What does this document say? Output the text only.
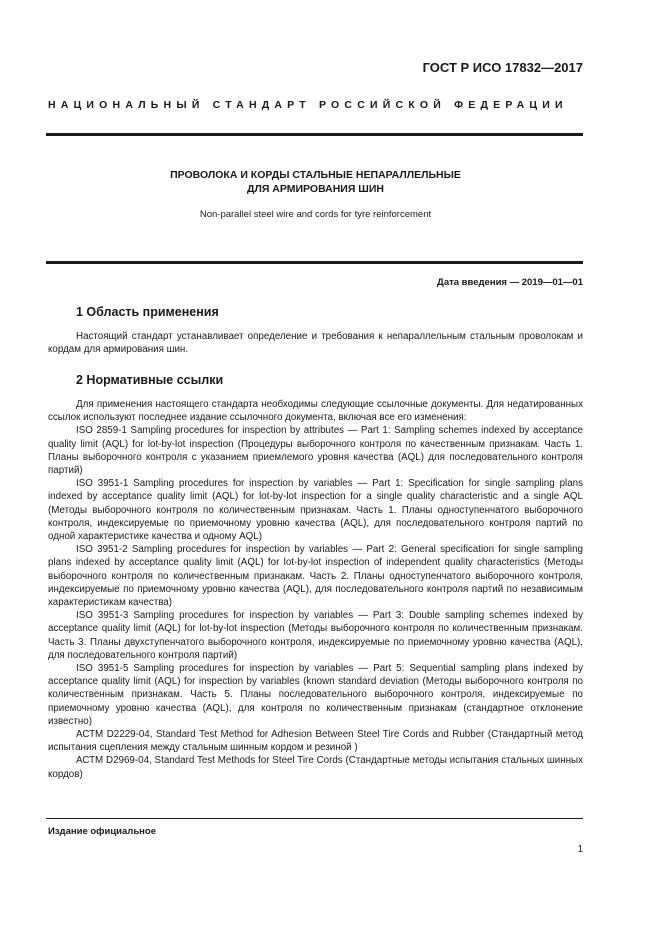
ГОСТ Р ИСО 17832—2017
НАЦИОНАЛЬНЫЙ СТАНДАРТ РОССИЙСКОЙ ФЕДЕРАЦИИ
ПРОВОЛОКА И КОРДЫ СТАЛЬНЫЕ НЕПАРАЛЛЕЛЬНЫЕ
ДЛЯ АРМИРОВАНИЯ ШИН
Non-parallel steel wire and cords for tyre reinforcement
Дата введения — 2019—01—01
1 Область применения

Настоящий стандарт устанавливает определение и требования к непараллельным стальным проволокам и кордам для армирования шин.

2 Нормативные ссылки

Для применения настоящего стандарта необходимы следующие ссылочные документы. Для недатированных ссылок используют последнее издание ссылочного документа, включая все его изменения:

ISO 2859-1 Sampling procedures for inspection by attributes — Part 1: Sampling schemes indexed by acceptance quality limit (AQL) for lot-by-lot inspection (Процедуры выборочного контроля по качественным признакам. Часть 1. Планы выборочного контроля с указанием приемлемого уровня качества (AQL) для последовательного контроля партий)

ISO 3951-1 Sampling procedures for inspection by variables — Part 1: Specification for single sampling plans indexed by acceptance quality limit (AQL) for lot-by-lot inspection for a single quality characteristic and a single AQL (Методы выборочного контроля по количественным признакам. Часть 1. Планы одноступенчатого выборочного контроля, индексируемые по приемочному уровню качества (AQL), для последовательного контроля партий по одной характеристике качества и одному AQL)

ISO 3951-2 Sampling procedures for inspection by variables — Part 2: General specification for single sampling plans indexed by acceptance quality limit (AQL) for lot-by-lot inspection of independent quality characteristics (Методы выборочного контроля по количественным признакам. Часть 2. Планы одноступенчатого выборочного контроля, индексируемые по приемочному уровню качества (AQL), для последовательного контроля партий по независимым характеристикам качества)

ISO 3951-3 Sampling procedures for inspection by variables — Part 3: Double sampling schemes indexed by acceptance quality limit (AQL) for lot-by-lot inspection (Методы выборочного контроля по количественным признакам. Часть 3. Планы двухступенчатого выборочного контроля, индексируемые по приемочному уровню качества (AQL), для последовательного контроля партий)

ISO 3951-5 Sampling procedures for inspection by variables — Part 5: Sequential sampling plans indexed by acceptance quality limit (AQL) for inspection by variables (known standard deviation (Методы выборочного контроля по количественным признакам. Часть 5. Планы последовательного выборочного контроля, индексируемые по приемочному уровню качества (AQL), для контроля по количественным признакам (стандартное отклонение известно)

АСТМ D2229-04, Standard Test Method for Adhesion Between Steel Tire Cords and Rubber (Стандартный метод испытания сцепления между стальным шинным кордом и резиной )

АСТМ D2969-04, Standard Test Methods for Steel Tire Cords (Стандартные методы испытания стальных шинных кордов)

Издание официальное
1
